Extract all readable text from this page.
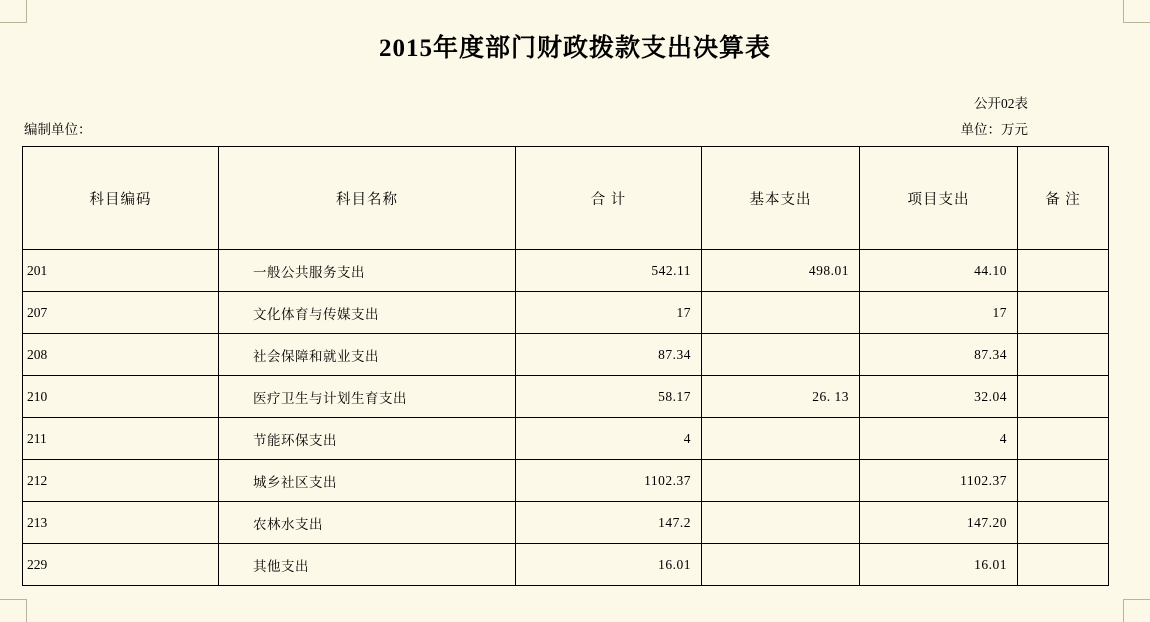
2015年度部门财政拨款支出决算表
公开02表
编制单位：	单位：万元
科目编码	科目名称	合 计	基本支出	项目支出	备 注
201	一般公共服务支出	542.11	498.01	44.10	
207	文化体育与传媒支出	17		17	
208	社会保障和就业支出	87.34		87.34	
210	医疗卫生与计划生育支出	58.17	26. 13	32.04	
211	节能环保支出	4		4	
212	城乡社区支出	1102.37		1102.37	
213	农林水支出	147.2		147.20	
229	其他支出	16.01		16.01	
